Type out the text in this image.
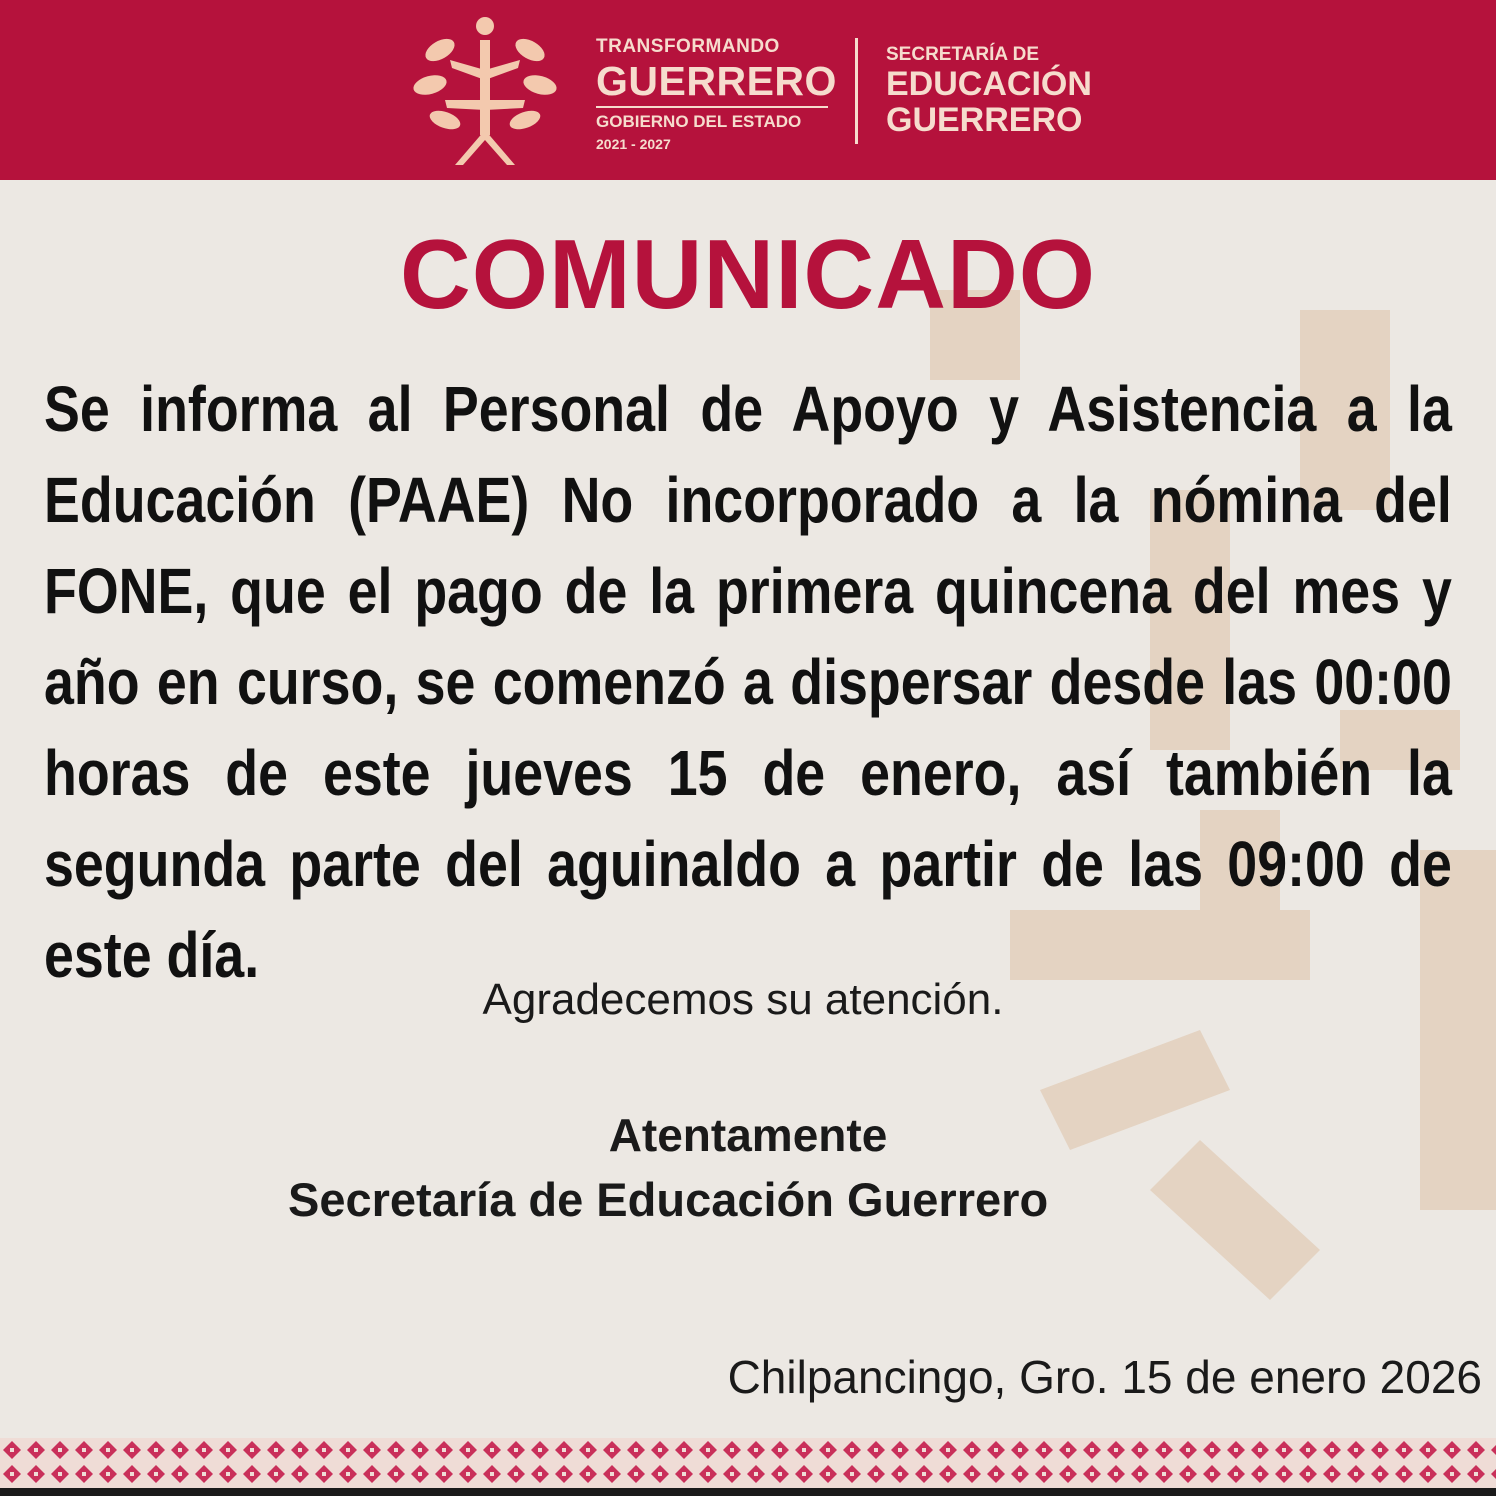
TRANSFORMANDO
GUERRERO
GOBIERNO DEL ESTADO
2021 - 2027
SECRETARÍA DE
EDUCACIÓN
GUERRERO
COMUNICADO

Se informa al Personal de Apoyo y Asistencia a la Educación (PAAE) No incorporado a la nómina del FONE, que el pago de la primera quincena del mes y año en curso, se comenzó a dispersar desde las 00:00 horas de este jueves 15 de enero, así también la segunda parte del aguinaldo a partir de las 09:00 de este día.

Agradecemos su atención.
Atentamente
Secretaría de Educación Guerrero
Chilpancingo, Gro. 15 de enero 2026
